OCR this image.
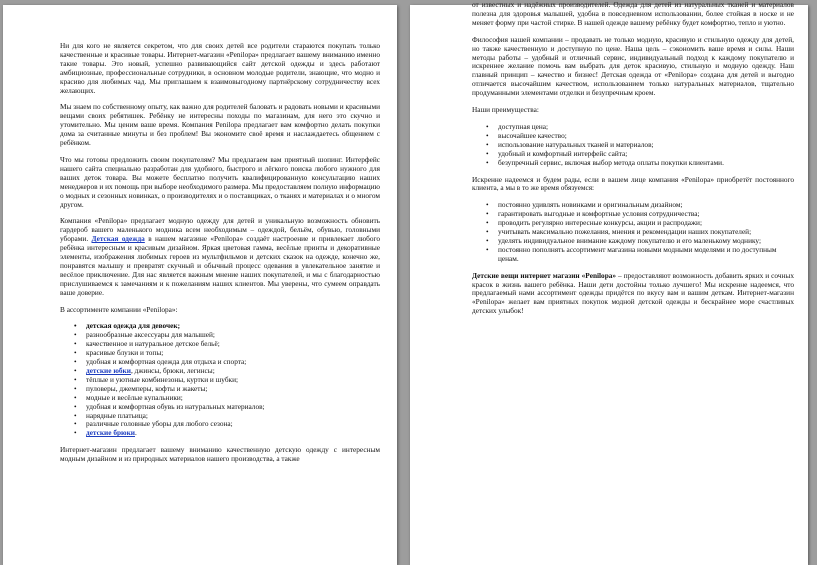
Ни для кого не является секретом, что для своих детей все родители стараются покупать только качественные и красивые товары. Интернет-магазин «Penilopa» предлагает вашему вниманию именно такие товары. Это новый, успешно развивающийся сайт детской одежды и здесь работают амбициозные, профессиональные сотрудники, в основном молодые родители, знающие, что модно и красиво для любимых чад. Мы приглашаем к взаимовыгодному партнёрскому сотрудничеству всех желающих.

Мы знаем по собственному опыту, как важно для родителей баловать и радовать новыми и красивыми вещами своих ребятишек. Ребёнку не интересны походы по магазинам, для него это скучно и утомительно. Мы ценим ваше время. Компания Penilopa предлагает вам комфортно делать покупки дома за считанные минуты и без проблем! Вы экономите своё время и наслаждаетесь общением с ребёнком.

Что мы готовы предложить своим покупателям? Мы предлагаем вам приятный шопинг. Интерфейс нашего сайта специально разработан для удобного, быстрого и лёгкого поиска любого нужного для ваших деток товара. Вы можете бесплатно получить квалифицированную консультацию наших менеджеров и их помощь при выборе необходимого размера. Мы предоставляем полную информацию о модных и сезонных новинках, о производителях и о поставщиках, о тканях и материалах и о многом другом.

Компания «Penilopa» предлагает модную одежду для детей и уникальную возможность обновить гардероб вашего маленького модника всем необходимым – одеждой, бельём, обувью, головными уборами. Детская одежда в нашем магазине «Penilopa» создаёт настроение и привлекает любого ребёнка интересным и красивым дизайном. Яркая цветовая гамма, весёлые принты и декоративные элементы, изображения любимых героев из мультфильмов и детских сказок на одежде, конечно же, понравятся малышу и превратят скучный и обычный процесс одевания в увлекательное занятие и весёлое приключение. Для нас является важным мнение наших покупателей, и мы с благодарностью прислушиваемся к замечаниям и к пожеланиям наших клиентов. Мы уверены, что сумеем оправдать ваше доверие.

В ассортименте компании «Penilopa»:

• детская одежда для девочек;
• разнообразные аксессуары для малышей;
• качественное и натуральное детское бельё;
• красивые блузки и топы;
• удобная и комфортная одежда для отдыха и спорта;
• детские юбки, джинсы, брюки, легинсы;
• тёплые и уютные комбинезоны, куртки и шубки;
• пуловеры, джемперы, кофты и жакеты;
• модные и весёлые купальники;
• удобная и комфортная обувь из натуральных материалов;
• нарядные платьица;
• различные головные уборы для любого сезона;
• детские брюки.

Интернет-магазин предлагает вашему вниманию качественную детскую одежду с интересным модным дизайном и из природных материалов нашего производства, а также

от известных и надёжных производителей. Одежда для детей из натуральных тканей и материалов полезна для здоровья малышей, удобна в повседневном использовании, более стойкая в носке и не меняет форму при частой стирке. В нашей одежде вашему ребёнку будет комфортно, тепло и уютно.

Философия нашей компании – продавать не только модную, красивую и стильную одежду для детей, но также качественную и доступную по цене. Наша цель – сэкономить ваше время и силы. Наши методы работы – удобный и отличный сервис, индивидуальный подход к каждому покупателю и искреннее желание помочь вам выбрать для деток красивую, стильную и модную одежду. Наш главный принцип – качество и бизнес! Детская одежда от «Penilopa» создана для детей и выгодно отличается высочайшим качеством, использованием только натуральных материалов, тщательно продуманными элементами отделки и безупречным кроем.

Наши преимущества:

• доступная цена;
• высочайшее качество;
• использование натуральных тканей и материалов;
• удобный и комфортный интерфейс сайта;
• безупречный сервис, включая выбор метода оплаты покупки клиентами.

Искренне надеемся и будем рады, если в вашем лице компания «Penilopa» приобретёт постоянного клиента, а мы в то же время обязуемся:

• постоянно удивлять новинками и оригинальным дизайном;
• гарантировать выгодные и комфортные условия сотрудничества;
• проводить регулярно интересные конкурсы, акции и распродажи;
• учитывать максимально пожелания, мнения и рекомендации наших покупателей;
• уделять индивидуальное внимание каждому покупателю и его маленькому моднику;
• постоянно пополнять ассортимент магазина новыми модными моделями и по доступным ценам.

Детские вещи интернет магазин «Penilopa» – предоставляют возможность добавить ярких и сочных красок в жизнь вашего ребёнка. Наши дети достойны только лучшего! Мы искренне надеемся, что предлагаемый нами ассортимент одежды придётся по вкусу вам и вашим деткам. Интернет-магазин «Penilopa» желает вам приятных покупок модной детской одежды и бескрайнее море счастливых детских улыбок!
